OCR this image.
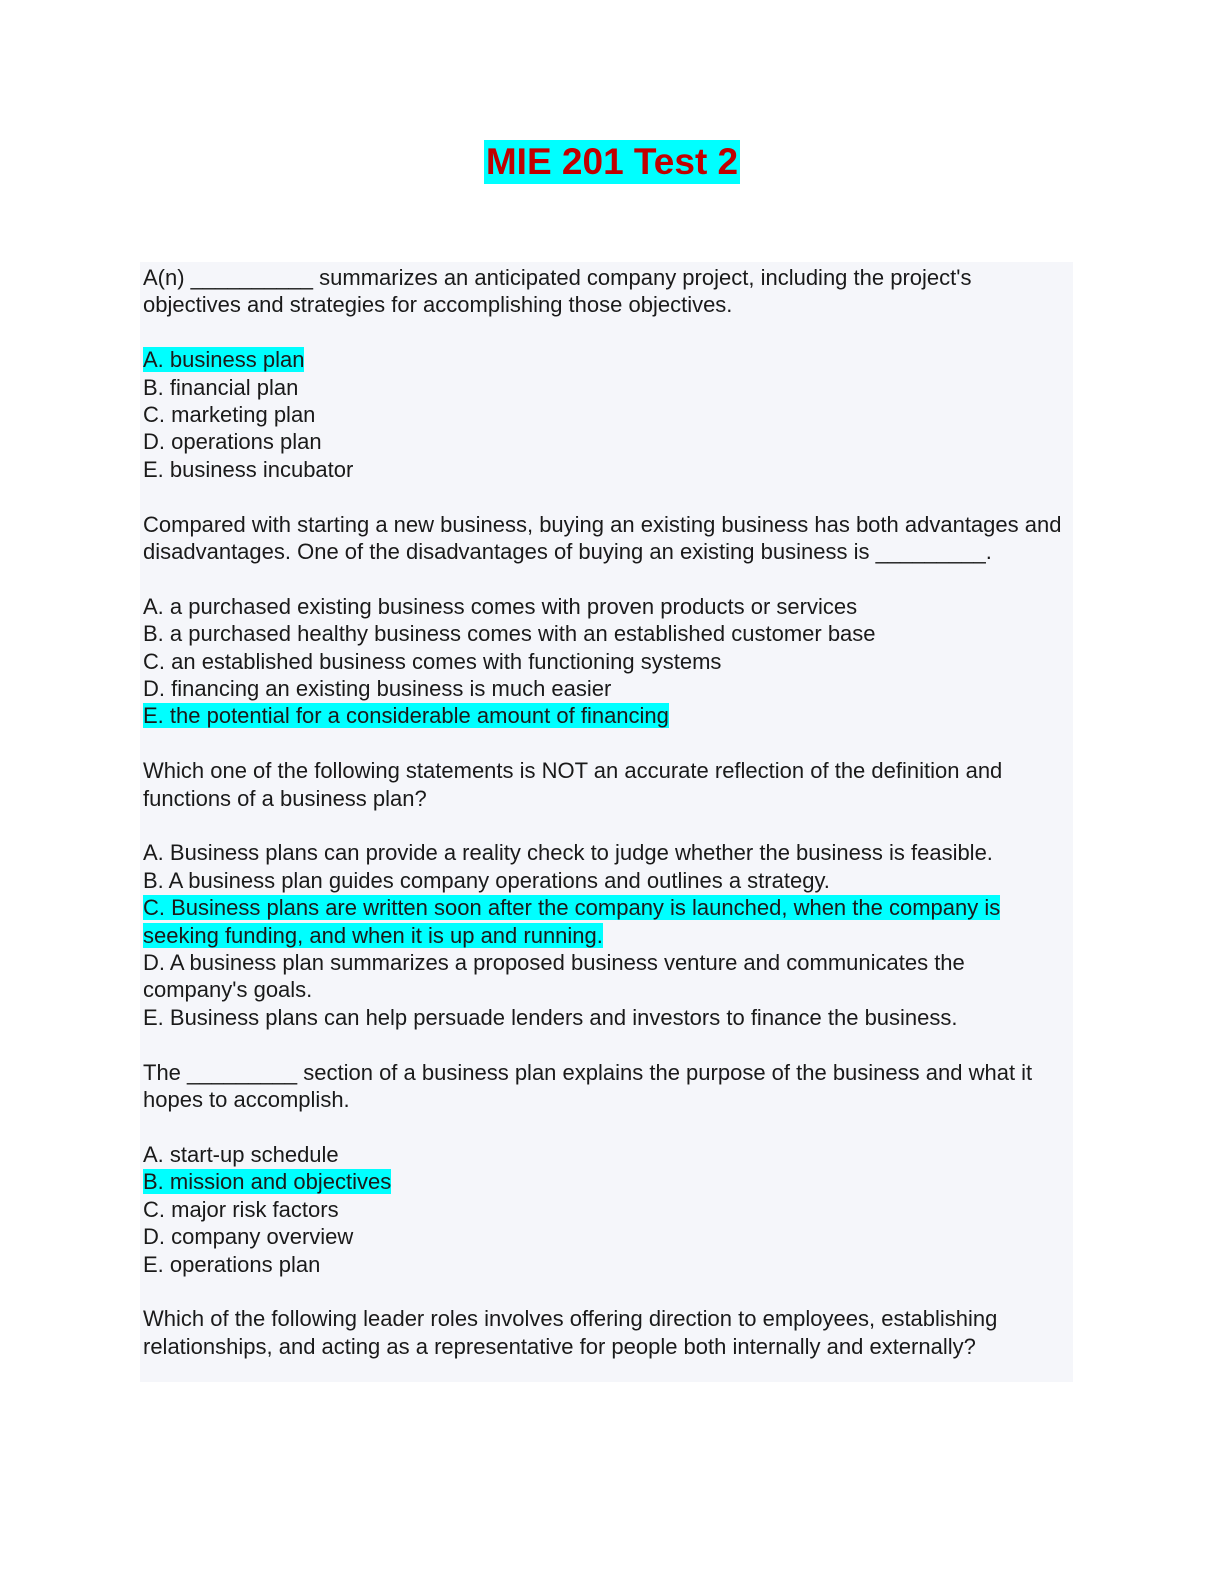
MIE 201 Test 2

A(n) __________ summarizes an anticipated company project, including the project's objectives and strategies for accomplishing those objectives.

A. business plan
B. financial plan
C. marketing plan
D. operations plan
E. business incubator

Compared with starting a new business, buying an existing business has both advantages and disadvantages. One of the disadvantages of buying an existing business is _________.

A. a purchased existing business comes with proven products or services
B. a purchased healthy business comes with an established customer base
C. an established business comes with functioning systems
D. financing an existing business is much easier
E. the potential for a considerable amount of financing

Which one of the following statements is NOT an accurate reflection of the definition and functions of a business plan?

A. Business plans can provide a reality check to judge whether the business is feasible.
B. A business plan guides company operations and outlines a strategy.
C. Business plans are written soon after the company is launched, when the company is seeking funding, and when it is up and running.
D. A business plan summarizes a proposed business venture and communicates the company's goals.
E. Business plans can help persuade lenders and investors to finance the business.

The _________ section of a business plan explains the purpose of the business and what it hopes to accomplish.

A. start-up schedule
B. mission and objectives
C. major risk factors
D. company overview
E. operations plan

Which of the following leader roles involves offering direction to employees, establishing relationships, and acting as a representative for people both internally and externally?
